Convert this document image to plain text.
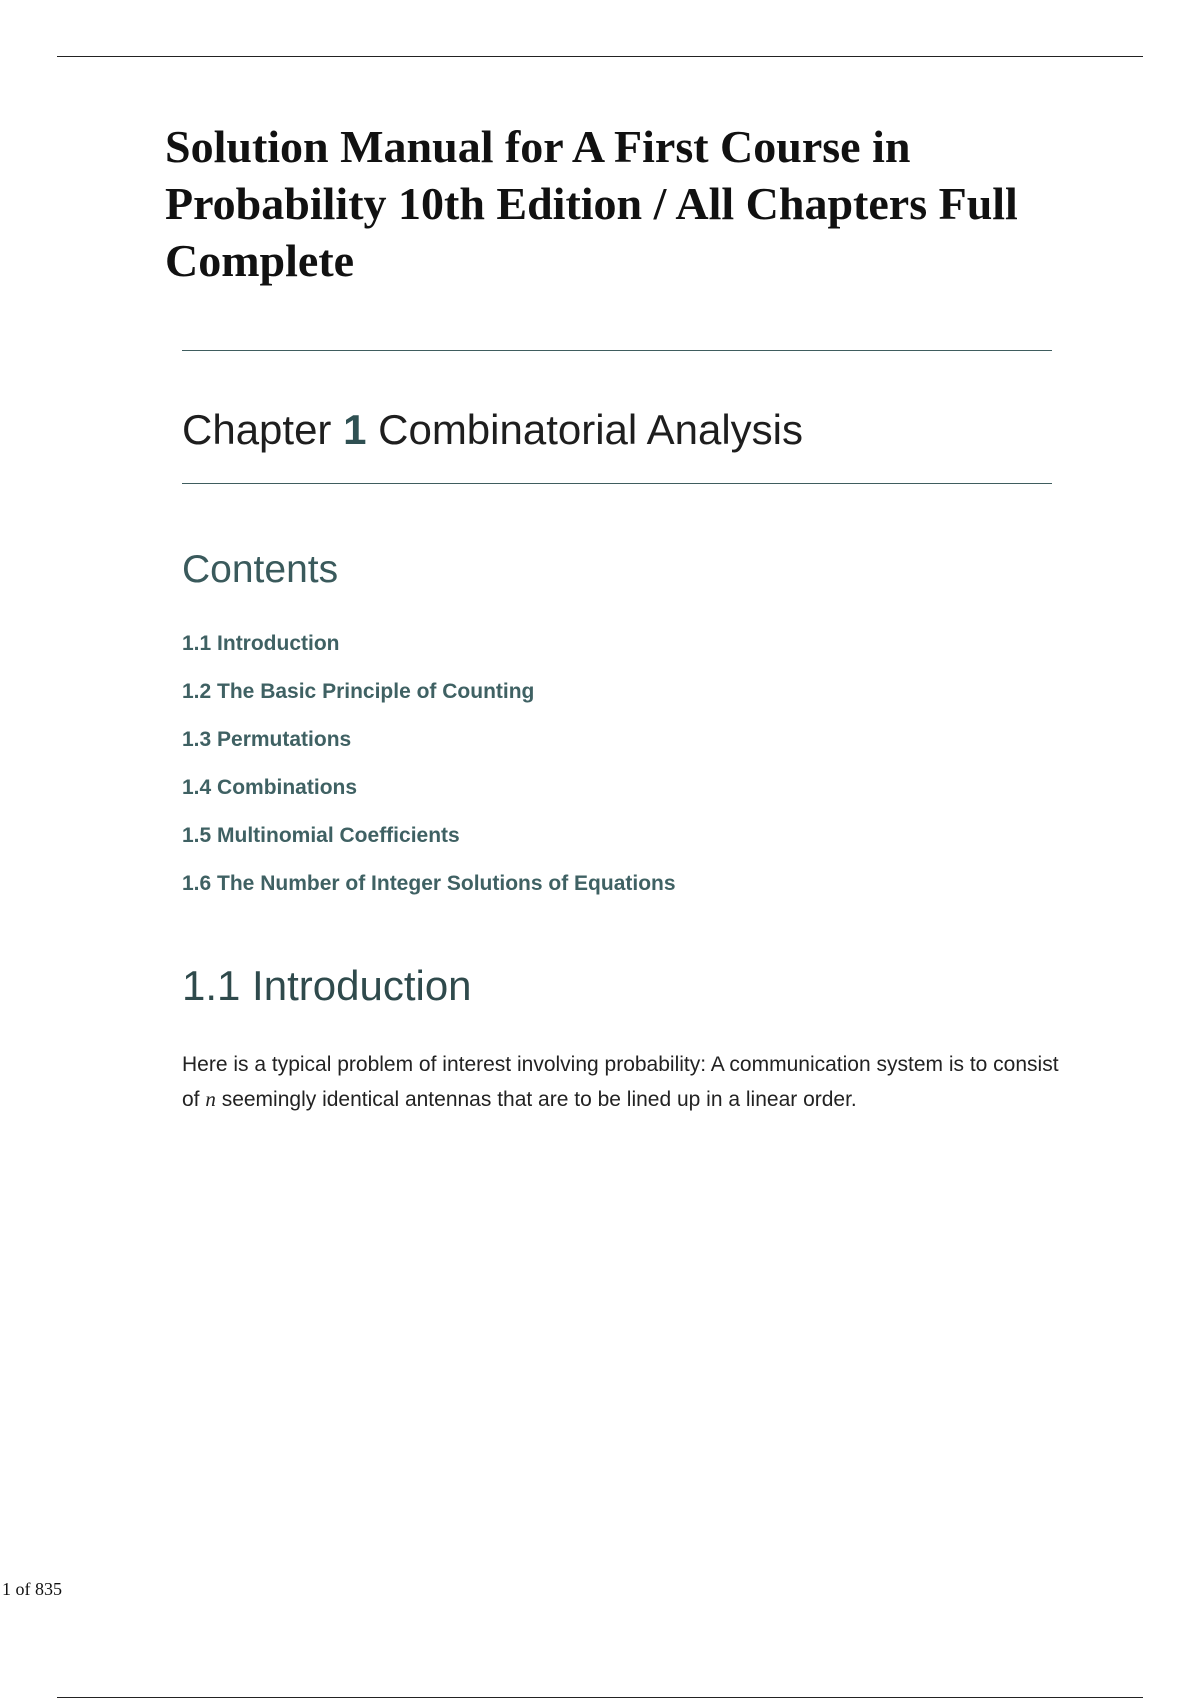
Solution Manual for A First Course in Probability 10th Edition / All Chapters Full Complete
Chapter 1 Combinatorial Analysis
Contents
1.1 Introduction
1.2 The Basic Principle of Counting
1.3 Permutations
1.4 Combinations
1.5 Multinomial Coefficients
1.6 The Number of Integer Solutions of Equations
1.1 Introduction

Here is a typical problem of interest involving probability: A communication system is to consist of n seemingly identical antennas that are to be lined up in a linear order.

1 of 835
